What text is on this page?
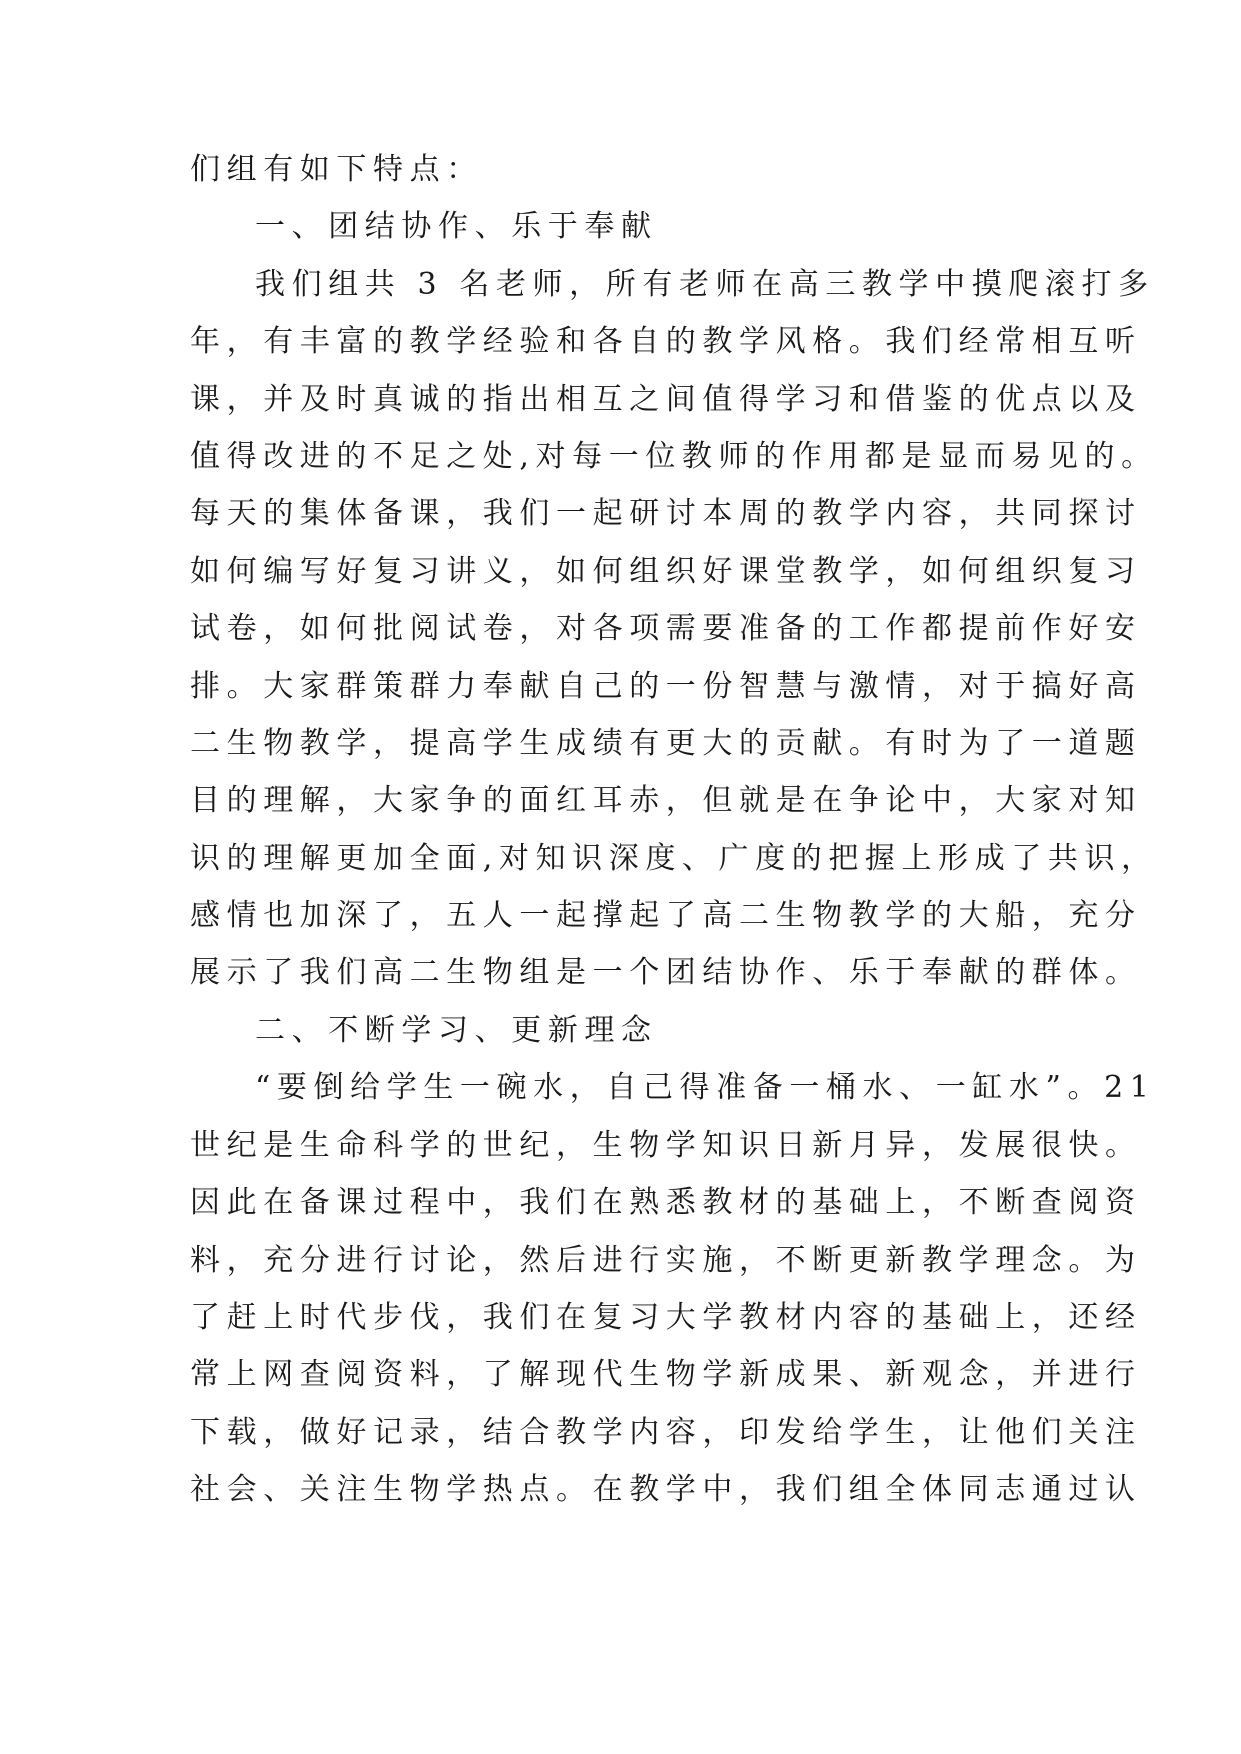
们组有如下特点：
一、团结协作、乐于奉献
我们组共 3 名老师，所有老师在高三教学中摸爬滚打多
年，有丰富的教学经验和各自的教学风格。我们经常相互听
课，并及时真诚的指出相互之间值得学习和借鉴的优点以及
值得改进的不足之处,对每一位教师的作用都是显而易见的。
每天的集体备课，我们一起研讨本周的教学内容，共同探讨
如何编写好复习讲义，如何组织好课堂教学，如何组织复习
试卷，如何批阅试卷，对各项需要准备的工作都提前作好安
排。大家群策群力奉献自己的一份智慧与激情，对于搞好高
二生物教学，提高学生成绩有更大的贡献。有时为了一道题
目的理解，大家争的面红耳赤，但就是在争论中，大家对知
识的理解更加全面,对知识深度、广度的把握上形成了共识，
感情也加深了，五人一起撑起了高二生物教学的大船，充分
展示了我们高二生物组是一个团结协作、乐于奉献的群体。
二、不断学习、更新理念
“要倒给学生一碗水，自己得准备一桶水、一缸水”。21
世纪是生命科学的世纪，生物学知识日新月异，发展很快。
因此在备课过程中，我们在熟悉教材的基础上，不断查阅资
料，充分进行讨论，然后进行实施，不断更新教学理念。为
了赶上时代步伐，我们在复习大学教材内容的基础上，还经
常上网查阅资料，了解现代生物学新成果、新观念，并进行
下载，做好记录，结合教学内容，印发给学生，让他们关注
社会、关注生物学热点。在教学中，我们组全体同志通过认
